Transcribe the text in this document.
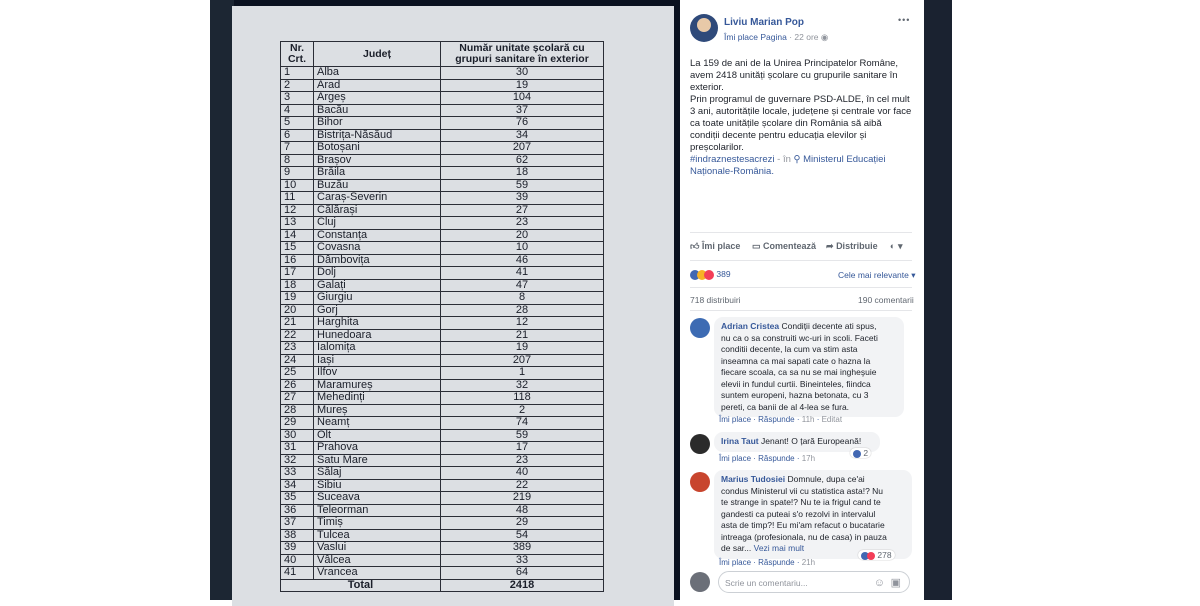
Nr. Crt.	Județ	Număr unitate școlară cu grupuri sanitare în exterior
1	Alba	30
2	Arad	19
3	Argeș	104
4	Bacău	37
5	Bihor	76
6	Bistrița-Năsăud	34
7	Botoșani	207
8	Brașov	62
9	Brăila	18
10	Buzău	59
11	Caraș-Severin	39
12	Călărași	27
13	Cluj	23
14	Constanța	20
15	Covasna	10
16	Dâmbovița	46
17	Dolj	41
18	Galați	47
19	Giurgiu	8
20	Gorj	28
21	Harghita	12
22	Hunedoara	21
23	Ialomița	19
24	Iași	207
25	Ilfov	1
26	Maramureș	32
27	Mehedinți	118
28	Mureș	2
29	Neamț	74
30	Olt	59
31	Prahova	17
32	Satu Mare	23
33	Sălaj	40
34	Sibiu	22
35	Suceava	219
36	Teleorman	48
37	Timiș	29
38	Tulcea	54
39	Vaslui	389
40	Vâlcea	33
41	Vrancea	64
Total		2418
Liviu Marian Pop
Îmi place Pagina · 22 ore ◉
•••
La 159 de ani de la Unirea Principatelor Române,
avem 2418 unități școlare cu grupurile sanitare în
exterior.
Prin programul de guvernare PSD-ALDE, în cel mult
3 ani, autoritățile locale, județene și centrale vor face
ca toate unitățile școlare din România să aibă
condiții decente pentru educația elevilor și
preșcolarilor.
#indraznestesacrezi - în ⚲ Ministerul Educației Naționale-România.
👍︎ Îmi place ▭ Comentează ➦ Distribuie ◐ ▾
389	Cele mai relevante ▾
718 distribuiri	190 comentarii
Adrian Cristea Condiții decente ati spus,
nu ca o sa construiti wc-uri in scoli. Faceti
conditii decente, la cum va stim asta
inseamna ca mai sapati cate o hazna la
fiecare scoala, ca sa nu se mai ingheşuie
elevii in fundul curtii. Bineinteles, fiindca
suntem europeni, hazna betonata, cu 3
pereti, ca banii de al 4-lea se fura.
Îmi place · Răspunde · 11h · Editat
Irina Taut Jenant! O țară Europeană!
Îmi place · Răspunde · 17h
2
Marius Tudosiei Domnule, dupa ce'ai
condus Ministerul vii cu statistica asta!? Nu
te strange in spate!? Nu te ia frigul cand te
gandesti ca puteai s'o rezolvi in intervalul
asta de timp?! Eu mi'am refacut o bucatarie
intreaga (profesionala, nu de casa) in pauza
de sar... Vezi mai mult
Îmi place · Răspunde · 21h
278
Scrie un comentariu...	☺ ▣
